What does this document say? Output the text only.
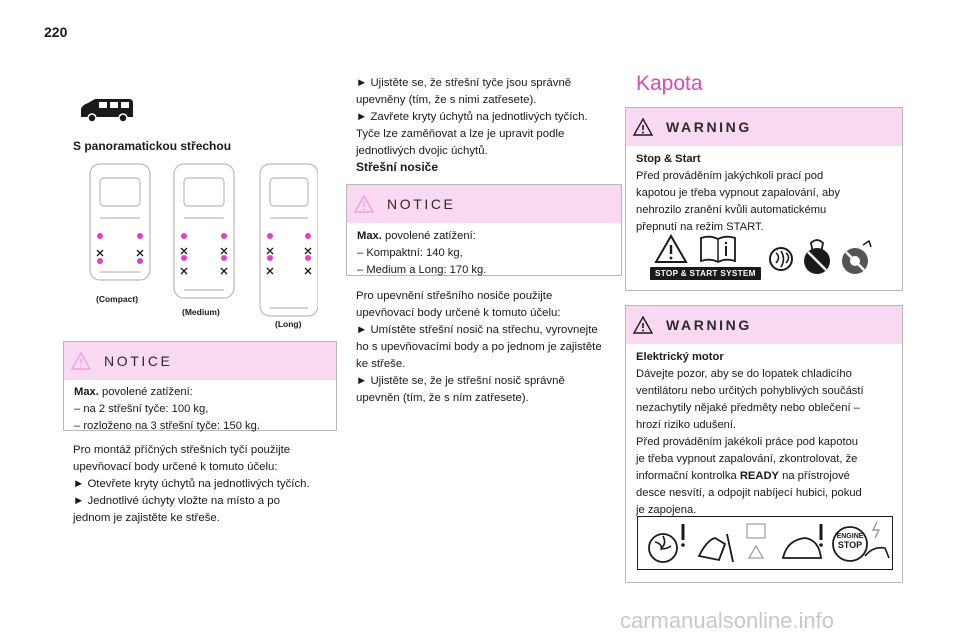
220
S panoramatickou střechou
(Compact)
(Medium)
(Long)
NOTICE

Max. povolené zatížení:

– na 2 střešní tyče: 100 kg,

– rozloženo na 3 střešní tyče: 150 kg.

Pro montáž příčných střešních tyčí použijte

upevňovací body určené k tomuto účelu:

► Otevřete kryty úchytů na jednotlivých tyčích.

► Jednotlivé úchyty vložte na místo a po

jednom je zajistěte ke střeše.

► Ujistěte se, že střešní tyče jsou správně

upevněny (tím, že s nimi zatřesete).

► Zavřete kryty úchytů na jednotlivých tyčích.

Tyče lze zaměňovat a lze je upravit podle

jednotlivých dvojic úchytů.

Střešní nosiče
NOTICE

Max. povolené zatížení:

– Kompaktní: 140 kg,

– Medium a Long: 170 kg.

Pro upevnění střešního nosiče použijte

upevňovací body určené k tomuto účelu:

► Umístěte střešní nosič na střechu, vyrovnejte

ho s upevňovacími body a po jednom je zajistěte

ke střeše.

► Ujistěte se, že je střešní nosič správně

upevněn (tím, že s ním zatřesete).

Kapota
WARNING

Stop & Start

Před prováděním jakýchkoli prací pod

kapotou je třeba vypnout zapalování, aby

nehrozilo zranění kvůli automatickému

přepnutí na režim START.

STOP & START SYSTEM
WARNING

Elektrický motor

Dávejte pozor, aby se do lopatek chladicího

ventilátoru nebo určitých pohyblivých součástí

nezachytily nějaké předměty nebo oblečení –

hrozí riziko udušení.

Před prováděním jakékoli práce pod kapotou

je třeba vypnout zapalování, zkontrolovat, že

informační kontrolka READY na přístrojové

desce nesvítí, a odpojit nabíjecí hubici, pokud

je zapojena.

ENGINE
STOP
carmanualsonline.info
